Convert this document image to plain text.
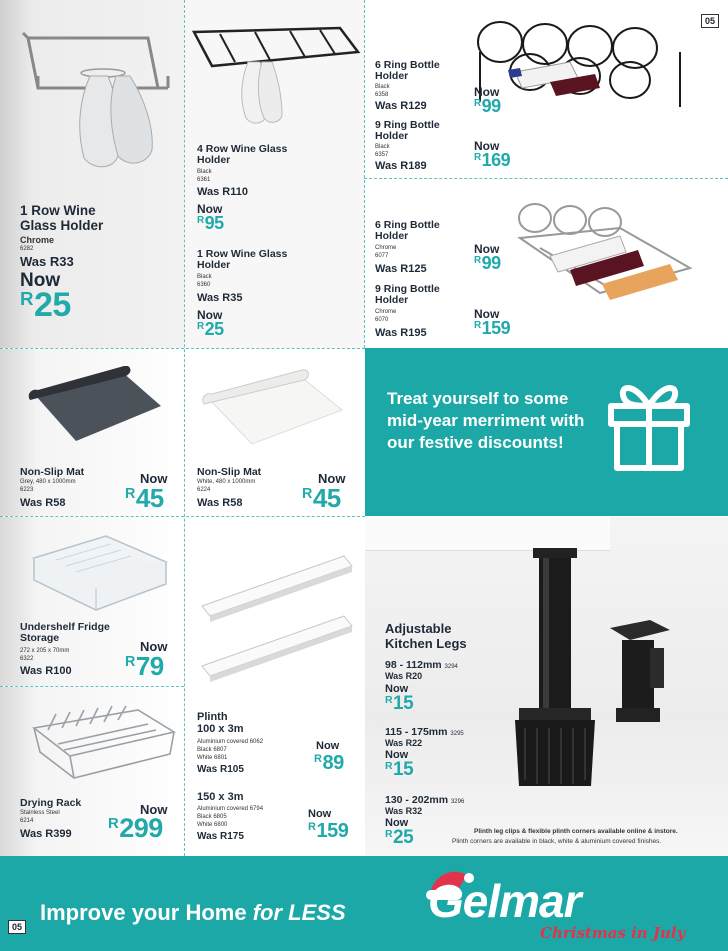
1 Row Wine
Glass Holder
Chrome
6282
Was R33
Now
$^R$25
4 Row Wine Glass
Holder
Black
6361
Was R110
Now
$^R$95
1 Row Wine Glass
Holder
Black
6360
Was R35
Now
$^R$25
05
6 Ring Bottle
Holder
Black
6358
Was R129
Now
$^R$99
9 Ring Bottle
Holder
Black
6357
Was R189
Now
$^R$169
6 Ring Bottle
Holder
Chrome
6077
Was R125
Now
$^R$99
9 Ring Bottle
Holder
Chrome
6070
Was R195
Now
$^R$159
Non-Slip Mat
Grey, 480 x 1000mm
6223
Was R58
Now
$^R$45
Non-Slip Mat
White, 480 x 1000mm
6224
Was R58
Now
$^R$45
Treat yourself to some mid-year merriment with our festive discounts!
Undershelf Fridge
Storage
272 x 205 x 70mm
6322
Was R100
Now
$^R$79
Drying Rack
Stainless Steel
6214
Was R399
Now
$^R$299
Plinth
100 x 3m
Aluminium covered 6062
Black 6807
White 6801
Was R105
Now
$^R$89
150 x 3m
Aluminium covered 6794
Black 6805
White 6800
Was R175
Now
$^R$159
Adjustable
Kitchen Legs
98 - 112mm 3294
Was R20
Now
$^R$15
115 - 175mm 3295
Was R22
Now
$^R$15
130 - 202mm 3296
Was R32
Now
$^R$25	Plinth leg clips & flexible plinth corners available online & instore.
Plinth corners are available in black, white & aluminium covered finishes.
Improve your Home for LESS Gelmar
Christmas in July
05
